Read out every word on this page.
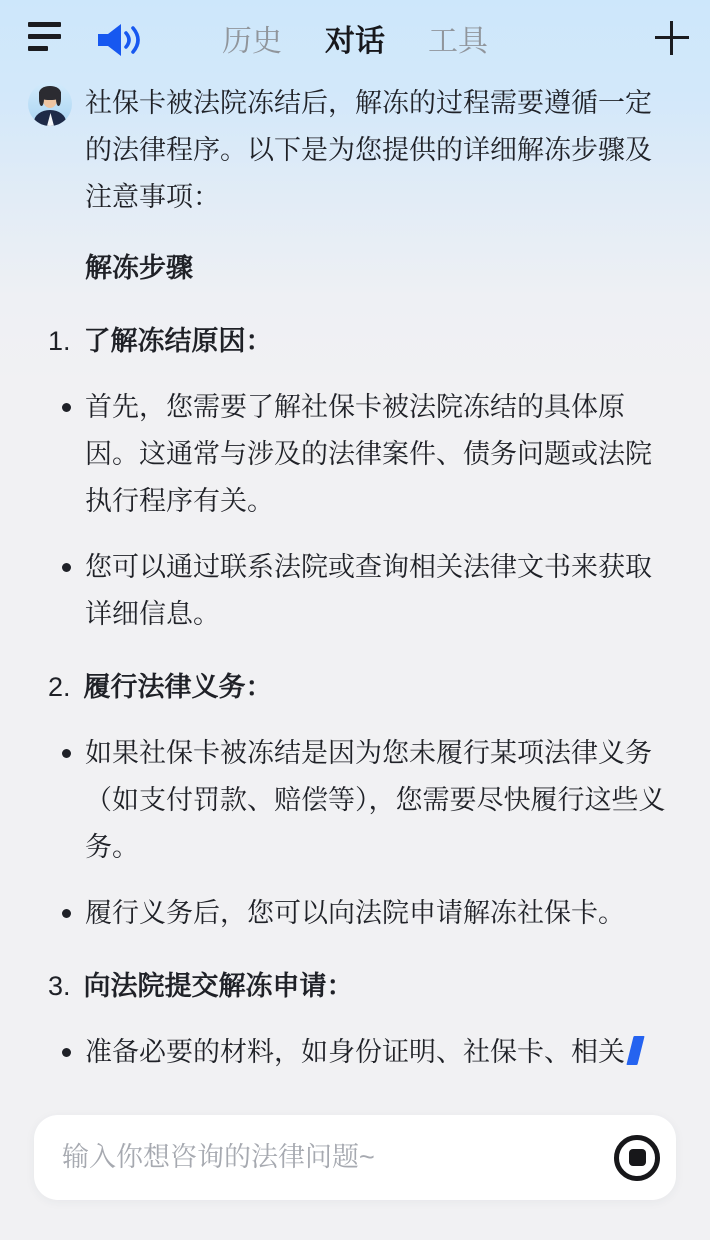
历史 对话 工具

社保卡被法院冻结后，解冻的过程需要遵循一定的法律程序。以下是为您提供的详细解冻步骤及注意事项：

解冻步骤

1. 了解冻结原因：

首先，您需要了解社保卡被法院冻结的具体原因。这通常与涉及的法律案件、债务问题或法院执行程序有关。

您可以通过联系法院或查询相关法律文书来获取详细信息。

2. 履行法律义务：

如果社保卡被冻结是因为您未履行某项法律义务（如支付罚款、赔偿等），您需要尽快履行这些义务。

履行义务后，您可以向法院申请解冻社保卡。

3. 向法院提交解冻申请：

准备必要的材料，如身份证明、社保卡、相关

输入你想咨询的法律问题~
